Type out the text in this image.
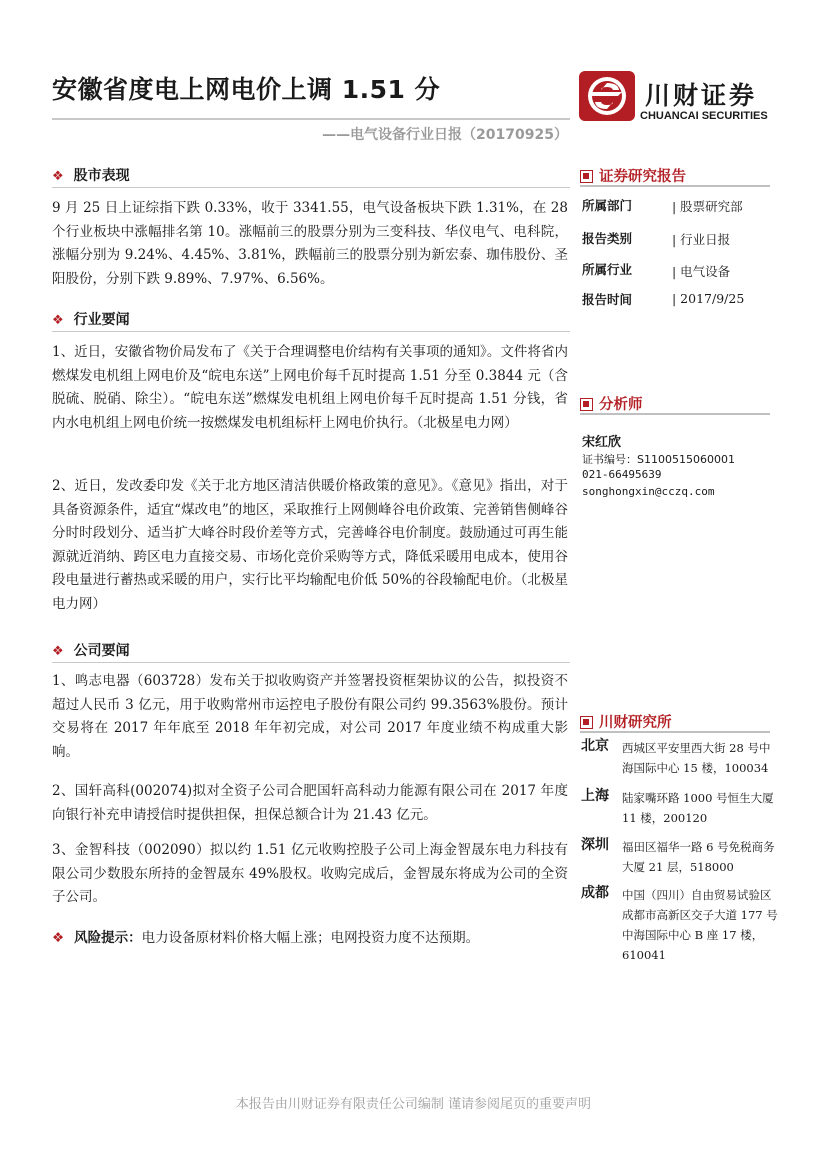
安徽省度电上网电价上调 1.51 分
——电气设备行业日报（20170925）
川财证券
CHUANCAI SECURITIES
❖ 股市表现
9 月 25 日上证综指下跌 0.33%，收于 3341.55，电气设备板块下跌 1.31%，在 28 个行业板块中涨幅排名第 10。涨幅前三的股票分别为三变科技、华仪电气、电科院，涨幅分别为 9.24%、4.45%、3.81%，跌幅前三的股票分别为新宏泰、珈伟股份、圣阳股份，分别下跌 9.89%、7.97%、6.56%。
❖ 行业要闻
1、近日，安徽省物价局发布了《关于合理调整电价结构有关事项的通知》。文件将省内燃煤发电机组上网电价及“皖电东送”上网电价每千瓦时提高 1.51 分至 0.3844 元（含脱硫、脱硝、除尘）。“皖电东送”燃煤发电机组上网电价每千瓦时提高 1.51 分钱，省内水电机组上网电价统一按燃煤发电机组标杆上网电价执行。（北极星电力网）
2、近日，发改委印发《关于北方地区清洁供暖价格政策的意见》。《意见》指出，对于具备资源条件，适宜“煤改电”的地区，采取推行上网侧峰谷电价政策、完善销售侧峰谷分时时段划分、适当扩大峰谷时段价差等方式，完善峰谷电价制度。鼓励通过可再生能源就近消纳、跨区电力直接交易、市场化竞价采购等方式，降低采暖用电成本，使用谷段电量进行蓄热或采暖的用户，实行比平均输配电价低 50%的谷段输配电价。（北极星电力网）
❖ 公司要闻
1、鸣志电器（603728）发布关于拟收购资产并签署投资框架协议的公告，拟投资不超过人民币 3 亿元，用于收购常州市运控电子股份有限公司约 99.3563%股份。预计交易将在 2017 年年底至 2018 年年初完成，对公司 2017 年度业绩不构成重大影响。
2、国轩高科(002074)拟对全资子公司合肥国轩高科动力能源有限公司在 2017 年度向银行补充申请授信时提供担保，担保总额合计为 21.43 亿元。
3、金智科技（002090）拟以约 1.51 亿元收购控股子公司上海金智晟东电力科技有限公司少数股东所持的金智晟东 49%股权。收购完成后，金智晟东将成为公司的全资子公司。
❖ 风险提示：电力设备原材料价格大幅上涨；电网投资力度不达预期。
证券研究报告
所属部门	| 股票研究部
报告类别	| 行业日报
所属行业	| 电气设备
报告时间	| 2017/9/25
分析师
宋红欣
证书编号：S1100515060001
021-66495639
songhongxin@cczq.com
川财研究所
北京 西城区平安里西大街 28 号中海国际中心 15 楼，100034
上海 陆家嘴环路 1000 号恒生大厦 11 楼，200120
深圳 福田区福华一路 6 号免税商务大厦 21 层，518000
成都 中国（四川）自由贸易试验区成都市高新区交子大道 177 号中海国际中心 B 座 17 楼，610041
本报告由川财证券有限责任公司编制 谨请参阅尾页的重要声明
